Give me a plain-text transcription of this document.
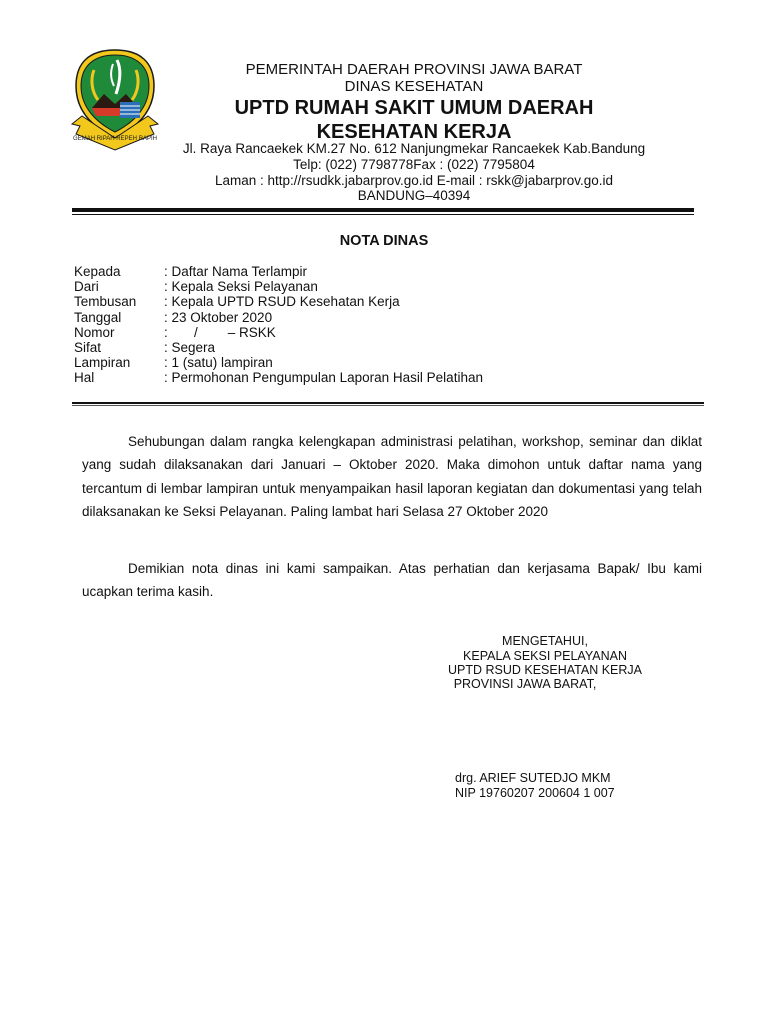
GEMAH RIPAH REPEH RAPIH
PEMERINTAH DAERAH PROVINSI JAWA BARAT
DINAS KESEHATAN
UPTD RUMAH SAKIT UMUM DAERAH
KESEHATAN KERJA
Jl. Raya Rancaekek KM.27 No. 612 Nanjungmekar Rancaekek Kab.Bandung
Telp: (022) 7798778Fax : (022) 7795804
Laman : http://rsudkk.jabarprov.go.id E-mail : rskk@jabarprov.go.id
BANDUNG–40394
NOTA DINAS
Kepada	: Daftar Nama Terlampir
Dari	: Kepala Seksi Pelayanan
Tembusan	: Kepala UPTD RSUD Kesehatan Kerja
Tanggal	: 23 Oktober 2020
Nomor	:       /        – RSKK
Sifat	: Segera
Lampiran	: 1 (satu) lampiran
Hal	: Permohonan Pengumpulan Laporan Hasil Pelatihan
Sehubungan dalam rangka kelengkapan administrasi pelatihan, workshop, seminar dan diklat yang sudah dilaksanakan dari Januari – Oktober 2020. Maka dimohon untuk daftar nama yang tercantum di lembar lampiran untuk menyampaikan hasil laporan kegiatan dan dokumentasi yang telah dilaksanakan ke Seksi Pelayanan. Paling lambat hari Selasa 27 Oktober 2020
Demikian nota dinas ini kami sampaikan. Atas perhatian dan kerjasama Bapak/ Ibu kami ucapkan terima kasih.
MENGETAHUI,
KEPALA SEKSI PELAYANAN
UPTD RSUD KESEHATAN KERJA
PROVINSI JAWA BARAT,
drg. ARIEF SUTEDJO MKM
NIP 19760207 200604 1 007
